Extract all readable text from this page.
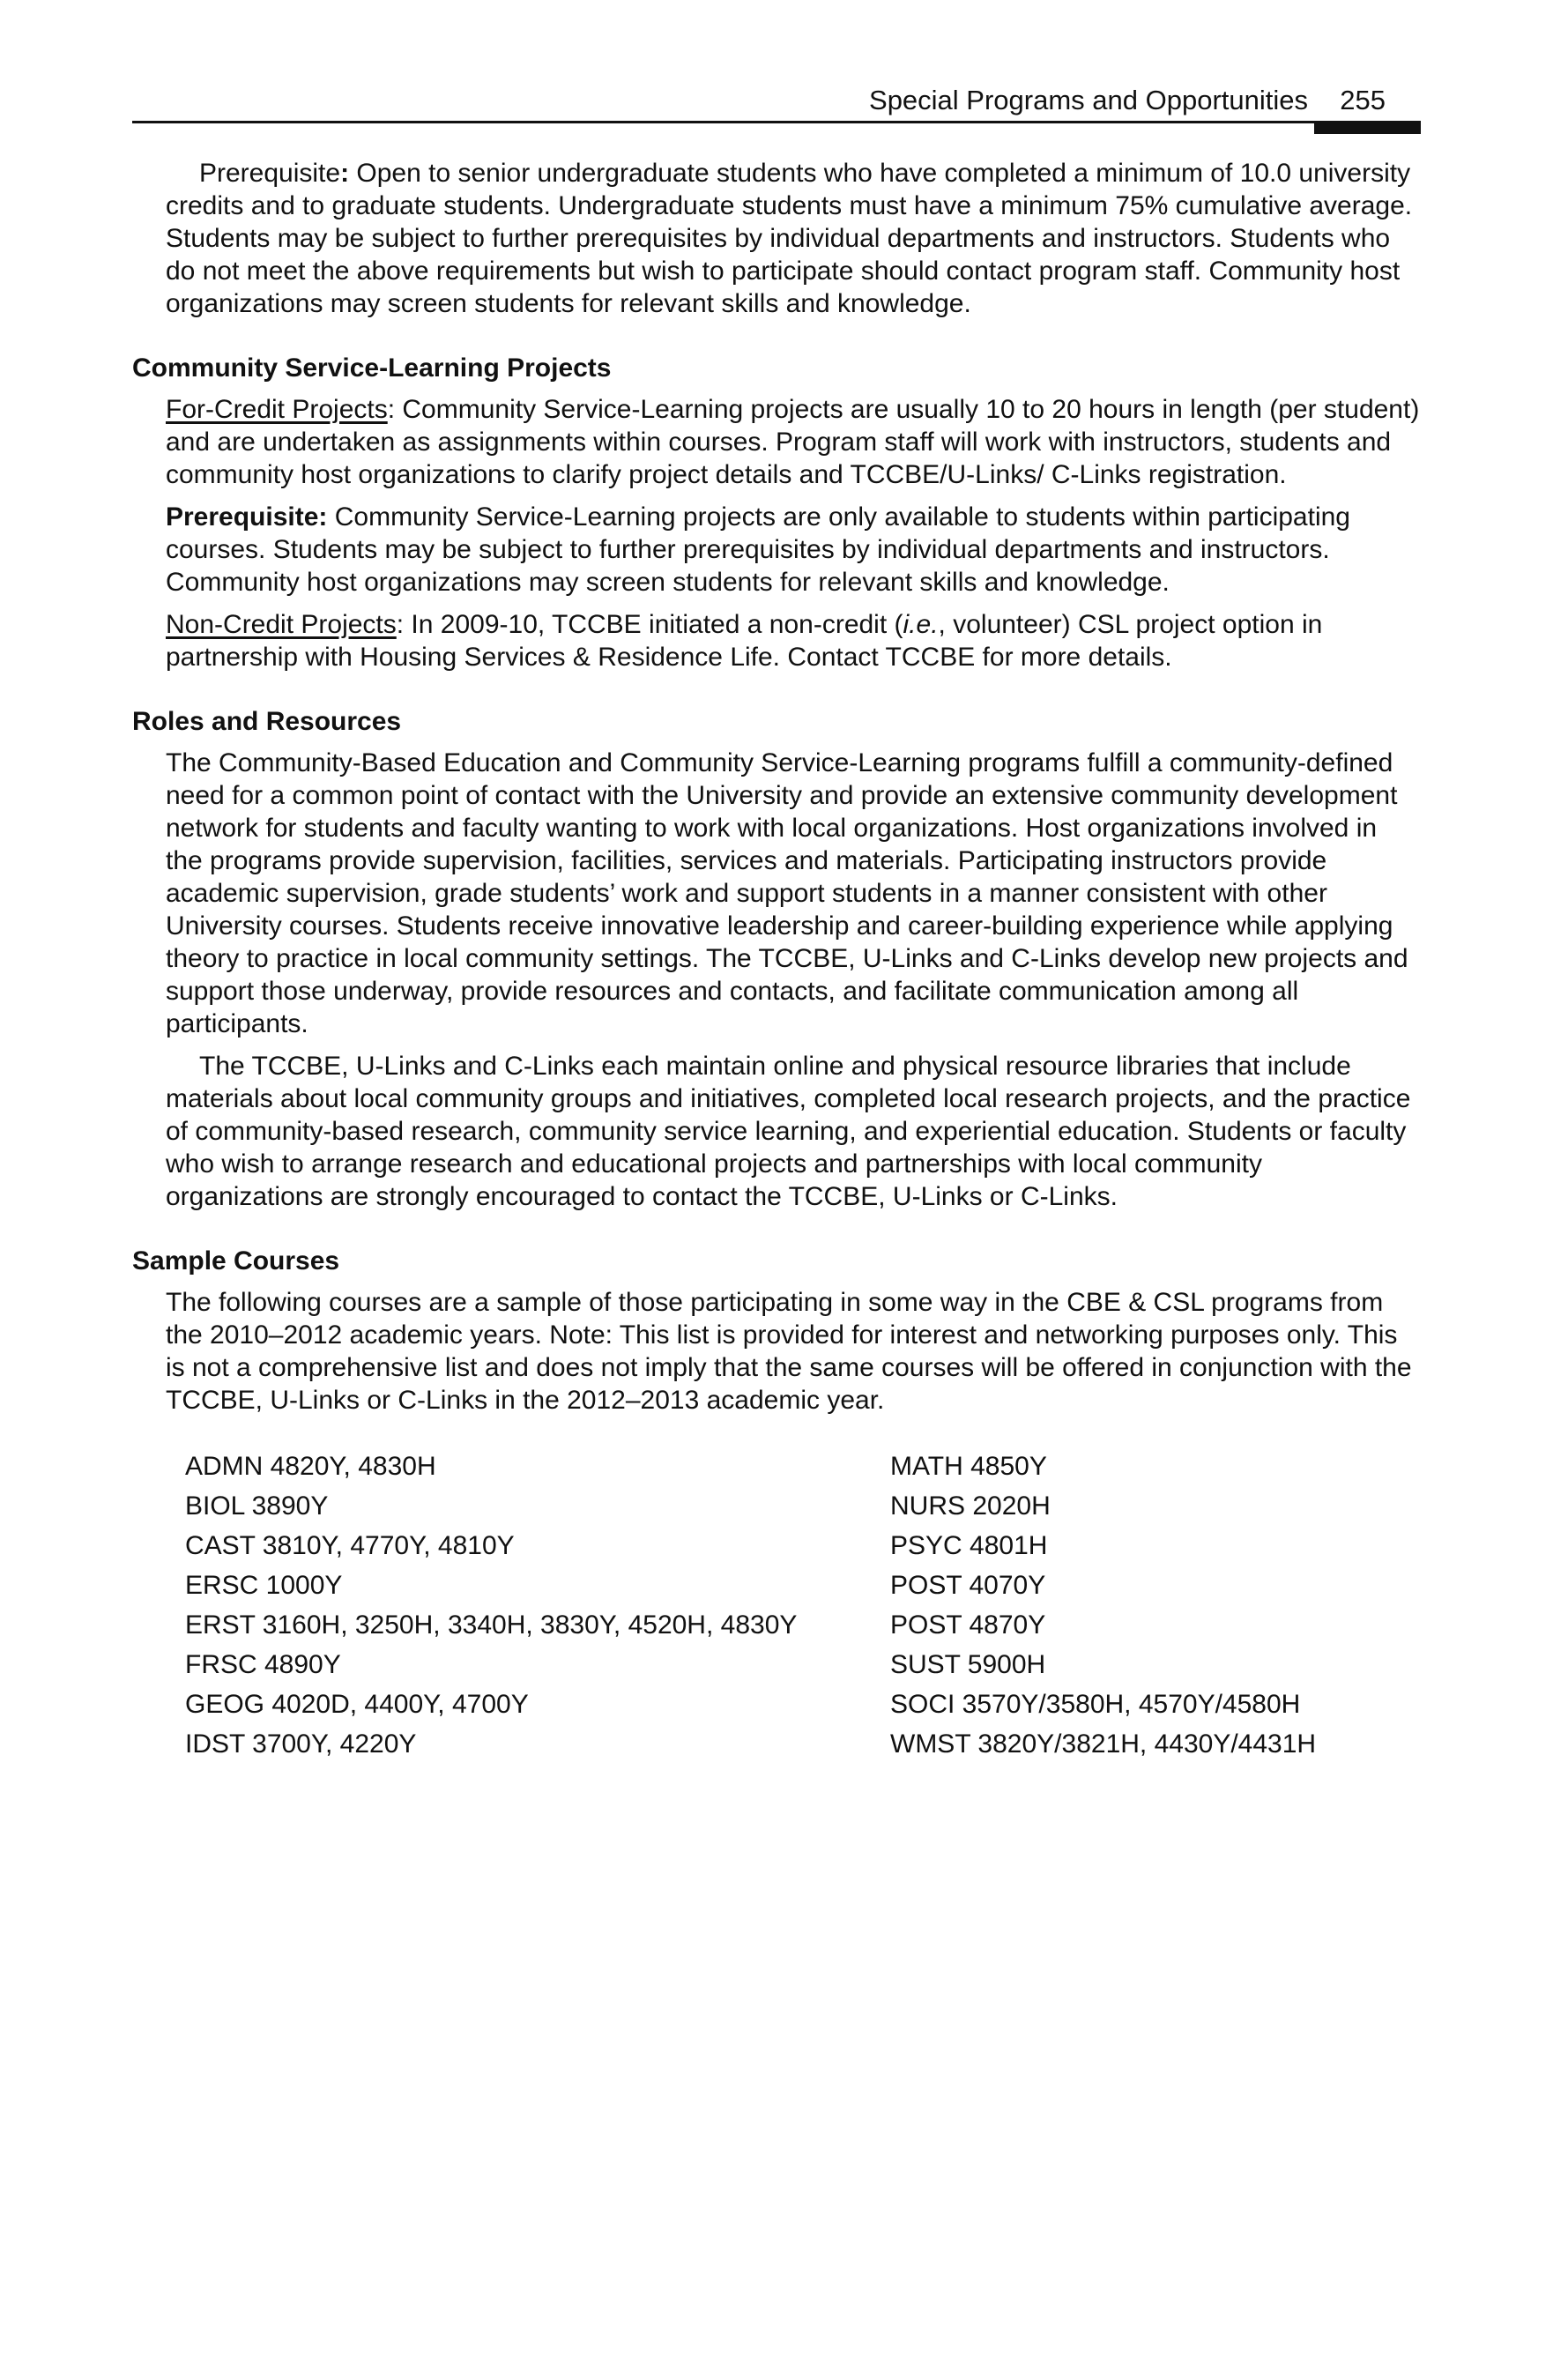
Special Programs and Opportunities 255

Prerequisite: Open to senior undergraduate students who have completed a minimum of 10.0 university credits and to graduate students. Undergraduate students must have a minimum 75% cumulative average. Students may be subject to further prerequisites by individual departments and instructors. Students who do not meet the above requirements but wish to participate should contact program staff. Community host organizations may screen students for relevant skills and knowledge.

Community Service-Learning Projects

For-Credit Projects: Community Service-Learning projects are usually 10 to 20 hours in length (per student) and are undertaken as assignments within courses. Program staff will work with instructors, students and community host organizations to clarify project details and TCCBE/U-Links/ C-Links registration.

Prerequisite: Community Service-Learning projects are only available to students within participating courses. Students may be subject to further prerequisites by individual departments and instructors. Community host organizations may screen students for relevant skills and knowledge.

Non-Credit Projects: In 2009-10, TCCBE initiated a non-credit (i.e., volunteer) CSL project option in partnership with Housing Services & Residence Life. Contact TCCBE for more details.

Roles and Resources

The Community-Based Education and Community Service-Learning programs fulfill a community-defined need for a common point of contact with the University and provide an extensive community development network for students and faculty wanting to work with local organizations. Host organizations involved in the programs provide supervision, facilities, services and materials. Participating instructors provide academic supervision, grade students’ work and support students in a manner consistent with other University courses. Students receive innovative leadership and career-building experience while applying theory to practice in local community settings. The TCCBE, U-Links and C-Links develop new projects and support those underway, provide resources and contacts, and facilitate communication among all participants.

The TCCBE, U-Links and C-Links each maintain online and physical resource libraries that include materials about local community groups and initiatives, completed local research projects, and the practice of community-based research, community service learning, and experiential education. Students or faculty who wish to arrange research and educational projects and partnerships with local community organizations are strongly encouraged to contact the TCCBE, U-Links or C-Links.

Sample Courses

The following courses are a sample of those participating in some way in the CBE & CSL programs from the 2010–2012 academic years. Note: This list is provided for interest and networking purposes only. This is not a comprehensive list and does not imply that the same courses will be offered in conjunction with the TCCBE, U-Links or C-Links in the 2012–2013 academic year.

ADMN 4820Y, 4830H
BIOL 3890Y
CAST 3810Y, 4770Y, 4810Y
ERSC 1000Y
ERST 3160H, 3250H, 3340H, 3830Y, 4520H, 4830Y
FRSC 4890Y
GEOG 4020D, 4400Y, 4700Y
IDST 3700Y, 4220Y
MATH 4850Y
NURS 2020H
PSYC 4801H
POST 4070Y
POST 4870Y
SUST 5900H
SOCI 3570Y/3580H, 4570Y/4580H
WMST 3820Y/3821H, 4430Y/4431H
